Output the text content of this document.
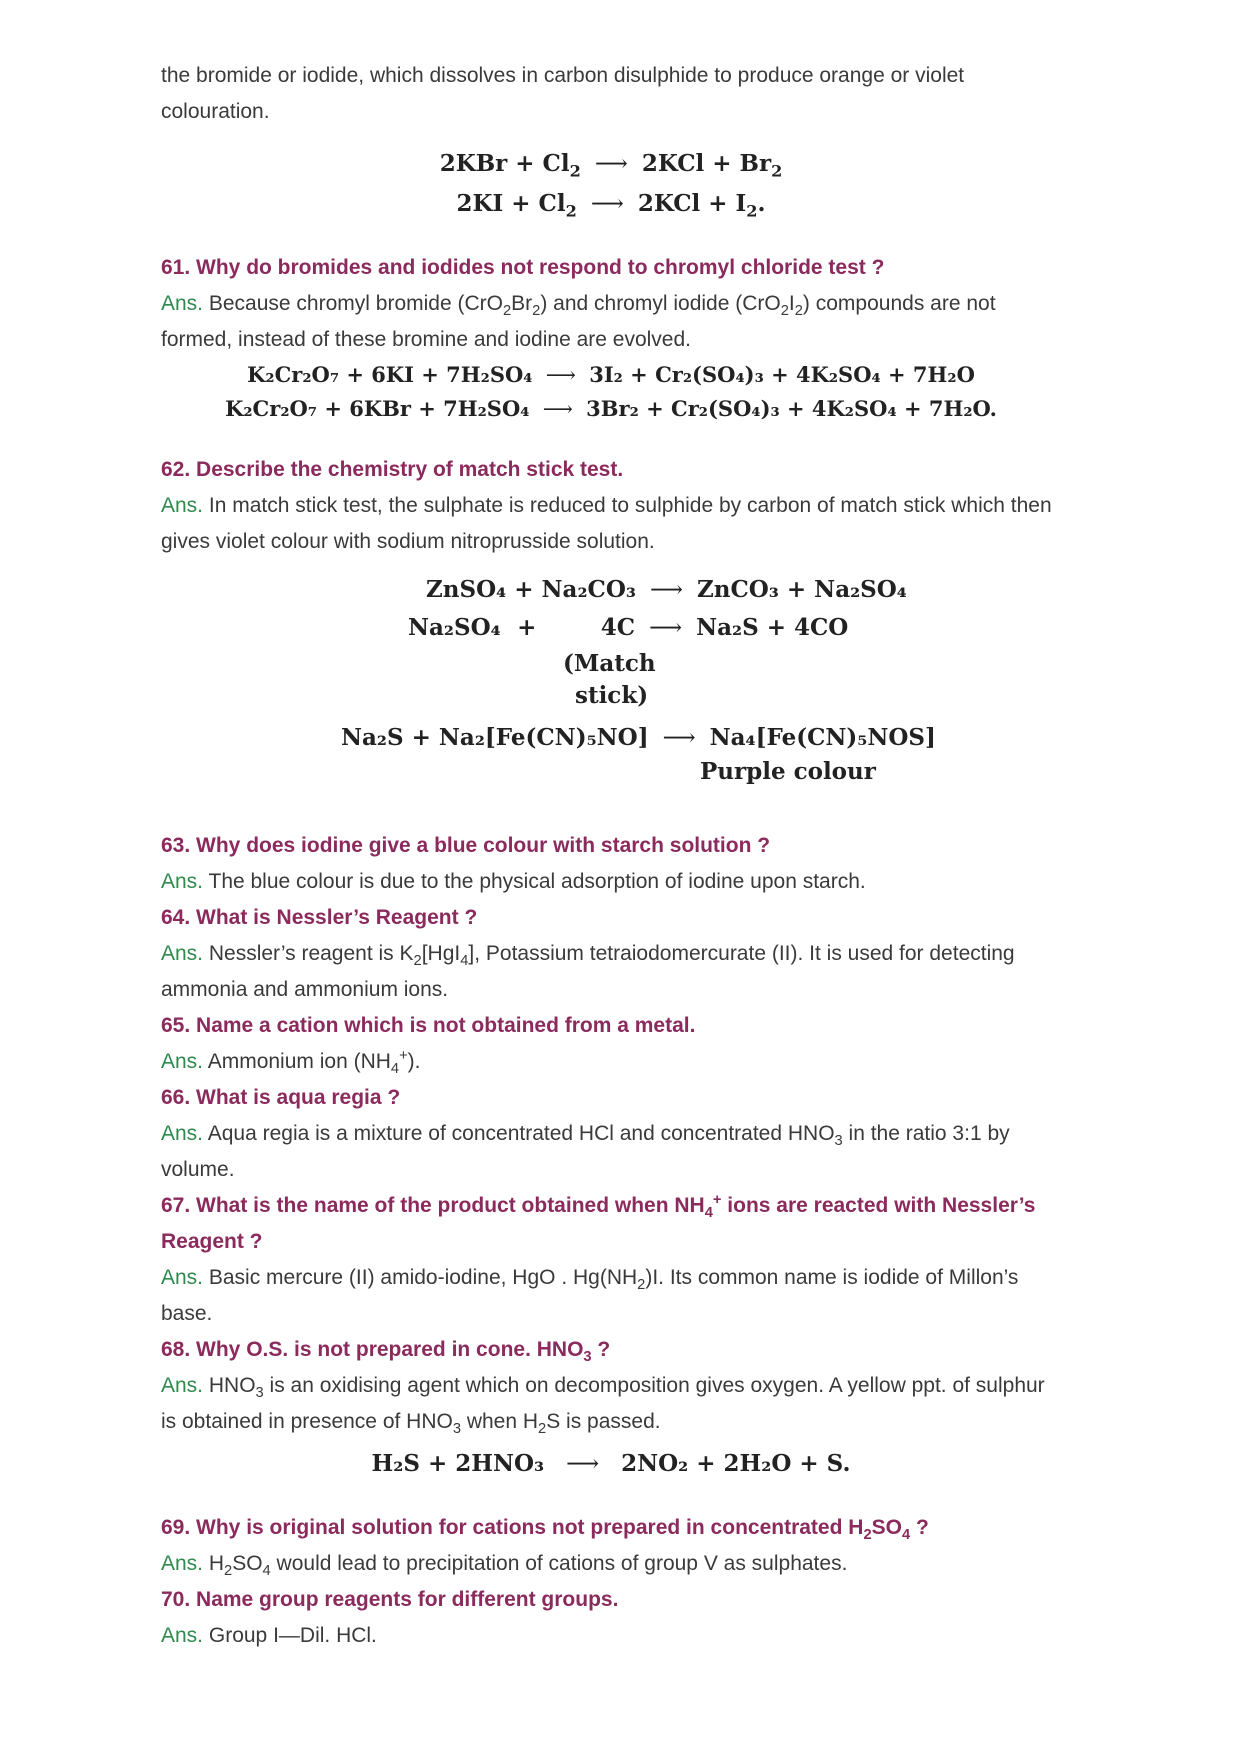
the bromide or iodide, which dissolves in carbon disulphide to produce orange or violet colouration.

$2KBr + Cl_2$ ⟶ $2KCl + Br_2$
$2KI + Cl_2$ ⟶ $2KCl + I_2$.

61. Why do bromides and iodides not respond to chromyl chloride test ?

Ans. Because chromyl bromide $(CrO_2Br_2)$ and chromyl iodide $(CrO_2I_2)$ compounds are not formed, instead of these bromine and iodine are evolved.

K₂Cr₂O₇ + 6KI + 7H₂SO₄ ⟶ 3I₂ + Cr₂(SO₄)₃ + 4K₂SO₄ + 7H₂O
K₂Cr₂O₇ + 6KBr + 7H₂SO₄ ⟶ 3Br₂ + Cr₂(SO₄)₃ + 4K₂SO₄ + 7H₂O.

62. Describe the chemistry of match stick test.

Ans. In match stick test, the sulphate is reduced to sulphide by carbon of match stick which then gives violet colour with sodium nitroprusside solution.

ZnSO₄ + Na₂CO₃ ⟶ ZnCO₃ + Na₂SO₄
Na₂SO₄ +	4C ⟶ Na₂S + 4CO
(Match
stick)
Na₂S + Na₂[Fe(CN)₅NO] ⟶ Na₄[Fe(CN)₅NOS]
Purple colour

63. Why does iodine give a blue colour with starch solution ?

Ans. The blue colour is due to the physical adsorption of iodine upon starch.

64. What is Nessler’s Reagent ?

Ans. Nessler’s reagent is $K_2[HgI_4]$, Potassium tetraiodomercurate (II). It is used for detecting ammonia and ammonium ions.

65. Name a cation which is not obtained from a metal.

Ans. Ammonium ion $(NH_4^+)$.

66. What is aqua regia ?

Ans. Aqua regia is a mixture of concentrated HCl and concentrated $HNO_3$ in the ratio 3:1 by volume.

67. What is the name of the product obtained when $NH_4^+$ ions are reacted with Nessler’s Reagent ?

Ans. Basic mercure (II) amido-iodine, HgO . $Hg(NH_2)I$. Its common name is iodide of Millon’s base.

68. Why O.S. is not prepared in cone. $HNO_3$ ?

Ans. $HNO_3$ is an oxidising agent which on decomposition gives oxygen. A yellow ppt. of sulphur is obtained in presence of $HNO_3$ when $H_2S$ is passed.

H₂S + 2HNO₃ ⟶ 2NO₂ + 2H₂O + S.

69. Why is original solution for cations not prepared in concentrated $H_2SO_4$ ?

Ans. $H_2SO_4$ would lead to precipitation of cations of group V as sulphates.

70. Name group reagents for different groups.

Ans. Group I—Dil. HCl.
